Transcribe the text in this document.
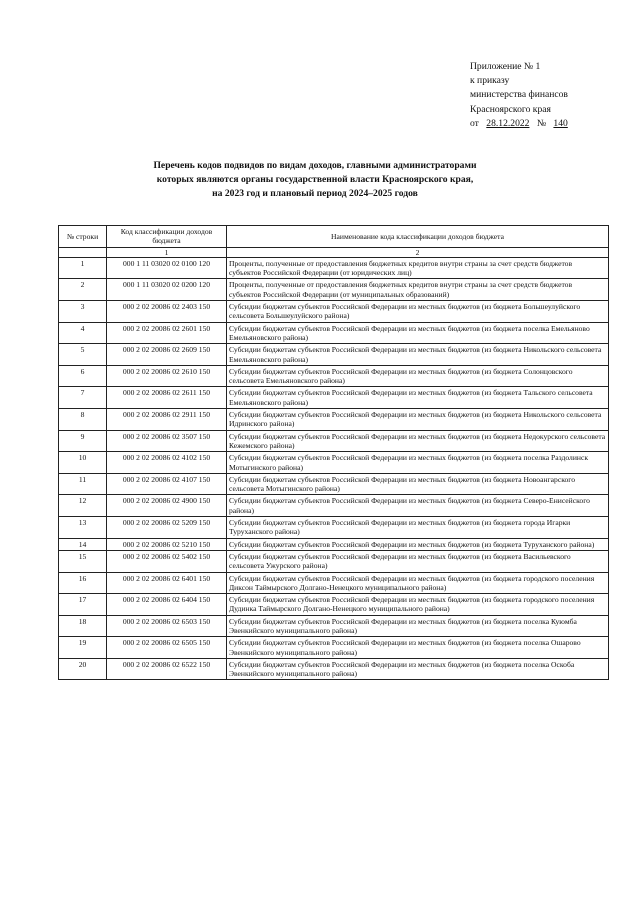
Приложение № 1
к приказу
министерства финансов
Красноярского края
от 28.12.2022 № 140
Перечень кодов подвидов по видам доходов, главными администраторами
которых являются органы государственной власти Красноярского края,
на 2023 год и плановый период 2024–2025 годов
№ строки	Код классификации доходов бюджета	Наименование кода классификации доходов бюджета
	1	2
1	000 1 11 03020 02 0100 120	Проценты, полученные от предоставления бюджетных кредитов внутри страны за счет средств бюджетов субъектов Российской Федерации (от юридических лиц)
2	000 1 11 03020 02 0200 120	Проценты, полученные от предоставления бюджетных кредитов внутри страны за счет средств бюджетов субъектов Российской Федерации (от муниципальных образований)
3	000 2 02 20086 02 2403 150	Субсидии бюджетам субъектов Российской Федерации из местных бюджетов (из бюджета Большеулуйского сельсовета Большеулуйского района)
4	000 2 02 20086 02 2601 150	Субсидии бюджетам субъектов Российской Федерации из местных бюджетов (из бюджета поселка Емельяново Емельяновского района)
5	000 2 02 20086 02 2609 150	Субсидии бюджетам субъектов Российской Федерации из местных бюджетов (из бюджета Никольского сельсовета Емельяновского района)
6	000 2 02 20086 02 2610 150	Субсидии бюджетам субъектов Российской Федерации из местных бюджетов (из бюджета Солонцовского сельсовета Емельяновского района)
7	000 2 02 20086 02 2611 150	Субсидии бюджетам субъектов Российской Федерации из местных бюджетов (из бюджета Тальского сельсовета Емельяновского района)
8	000 2 02 20086 02 2911 150	Субсидии бюджетам субъектов Российской Федерации из местных бюджетов (из бюджета Никольского сельсовета Идринского района)
9	000 2 02 20086 02 3507 150	Субсидии бюджетам субъектов Российской Федерации из местных бюджетов (из бюджета Недокурского сельсовета Кежемского района)
10	000 2 02 20086 02 4102 150	Субсидии бюджетам субъектов Российской Федерации из местных бюджетов (из бюджета поселка Раздолинск Мотыгинского района)
11	000 2 02 20086 02 4107 150	Субсидии бюджетам субъектов Российской Федерации из местных бюджетов (из бюджета Новоангарского сельсовета Мотыгинского района)
12	000 2 02 20086 02 4900 150	Субсидии бюджетам субъектов Российской Федерации из местных бюджетов (из бюджета Северо-Енисейского района)
13	000 2 02 20086 02 5209 150	Субсидии бюджетам субъектов Российской Федерации из местных бюджетов (из бюджета города Игарки Туруханского района)
14	000 2 02 20086 02 5210 150	Субсидии бюджетам субъектов Российской Федерации из местных бюджетов (из бюджета Туруханского района)
15	000 2 02 20086 02 5402 150	Субсидии бюджетам субъектов Российской Федерации из местных бюджетов (из бюджета Васильевского сельсовета Ужурского района)
16	000 2 02 20086 02 6401 150	Субсидии бюджетам субъектов Российской Федерации из местных бюджетов (из бюджета городского поселения Диксон Таймырского Долгано-Ненецкого муниципального района)
17	000 2 02 20086 02 6404 150	Субсидии бюджетам субъектов Российской Федерации из местных бюджетов (из бюджета городского поселения Дудинка Таймырского Долгано-Ненецкого муниципального района)
18	000 2 02 20086 02 6503 150	Субсидии бюджетам субъектов Российской Федерации из местных бюджетов (из бюджета поселка Куюмба Эвенкийского муниципального района)
19	000 2 02 20086 02 6505 150	Субсидии бюджетам субъектов Российской Федерации из местных бюджетов (из бюджета поселка Ошарово Эвенкийского муниципального района)
20	000 2 02 20086 02 6522 150	Субсидии бюджетам субъектов Российской Федерации из местных бюджетов (из бюджета поселка Оскоба Эвенкийского муниципального района)
